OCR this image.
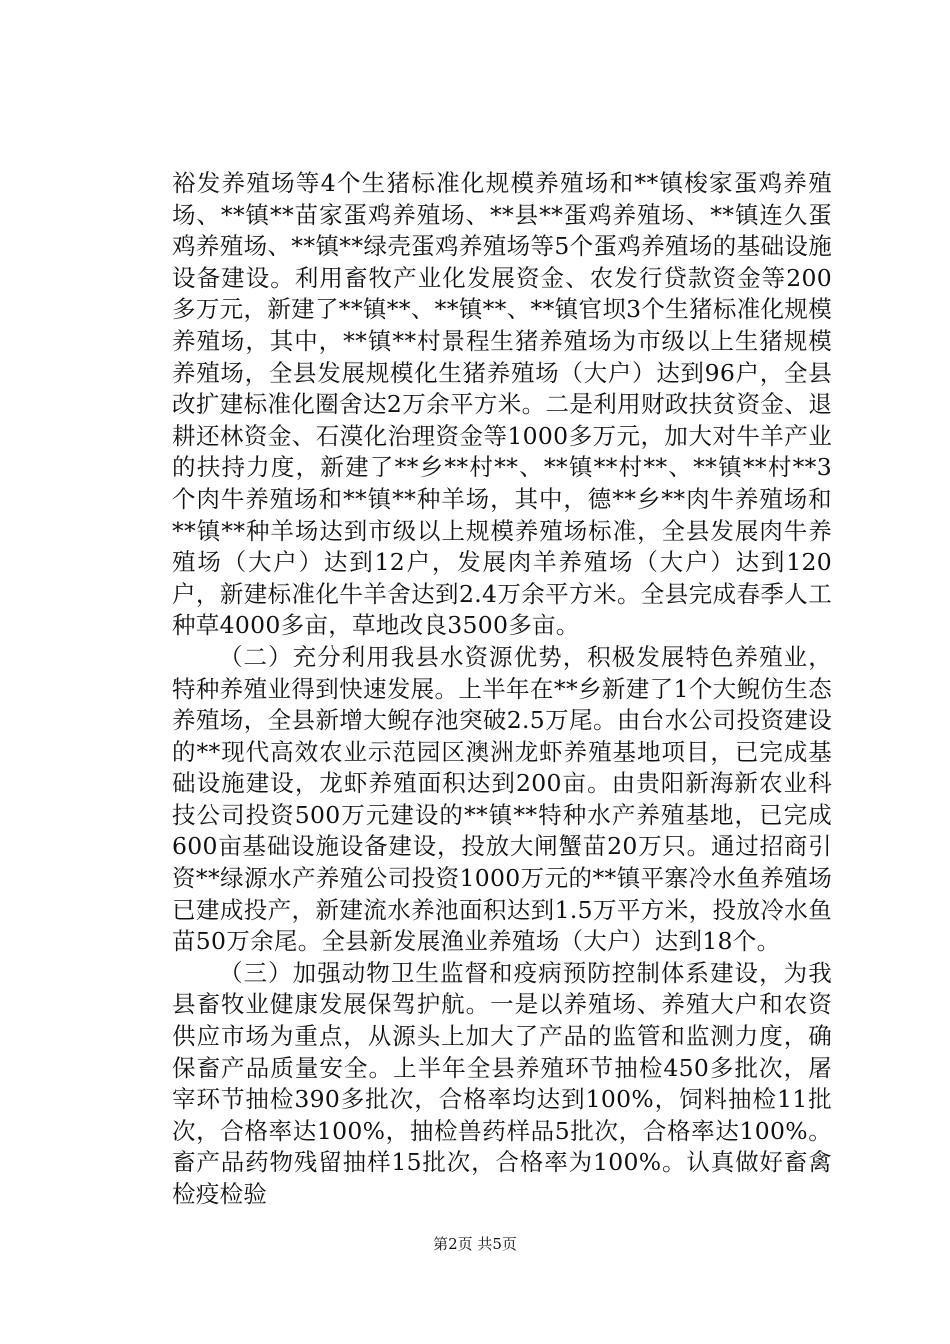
裕发养殖场等4个生猪标准化规模养殖场和**镇梭家蛋鸡养殖场、**镇**苗家蛋鸡养殖场、**县**蛋鸡养殖场、**镇连久蛋鸡养殖场、**镇**绿壳蛋鸡养殖场等5个蛋鸡养殖场的基础设施设备建设。利用畜牧产业化发展资金、农发行贷款资金等200多万元，新建了**镇**、**镇**、**镇官坝3个生猪标准化规模养殖场，其中，**镇**村景程生猪养殖场为市级以上生猪规模养殖场，全县发展规模化生猪养殖场（大户）达到96户，全县改扩建标准化圈舍达2万余平方米。二是利用财政扶贫资金、退耕还林资金、石漠化治理资金等1000多万元，加大对牛羊产业的扶持力度，新建了**乡**村**、**镇**村**、**镇**村**3个肉牛养殖场和**镇**种羊场，其中，德**乡**肉牛养殖场和**镇**种羊场达到市级以上规模养殖场标准，全县发展肉牛养殖场（大户）达到12户，发展肉羊养殖场（大户）达到120户，新建标准化牛羊舍达到2.4万余平方米。全县完成春季人工种草4000多亩，草地改良3500多亩。

（二）充分利用我县水资源优势，积极发展特色养殖业，特种养殖业得到快速发展。上半年在**乡新建了1个大鲵仿生态养殖场，全县新增大鲵存池突破2.5万尾。由台水公司投资建设的**现代高效农业示范园区澳洲龙虾养殖基地项目，已完成基础设施建设，龙虾养殖面积达到200亩。由贵阳新海新农业科技公司投资500万元建设的**镇**特种水产养殖基地，已完成600亩基础设施设备建设，投放大闸蟹苗20万只。通过招商引资**绿源水产养殖公司投资1000万元的**镇平寨冷水鱼养殖场已建成投产，新建流水养池面积达到1.5万平方米，投放冷水鱼苗50万余尾。全县新发展渔业养殖场（大户）达到18个。

（三）加强动物卫生监督和疫病预防控制体系建设，为我县畜牧业健康发展保驾护航。一是以养殖场、养殖大户和农资供应市场为重点，从源头上加大了产品的监管和监测力度，确保畜产品质量安全。上半年全县养殖环节抽检450多批次，屠宰环节抽检390多批次，合格率均达到100%，饲料抽检11批次，合格率达100%，抽检兽药样品5批次，合格率达100%。畜产品药物残留抽样15批次，合格率为100%。认真做好畜禽检疫检验

第2页 共5页
